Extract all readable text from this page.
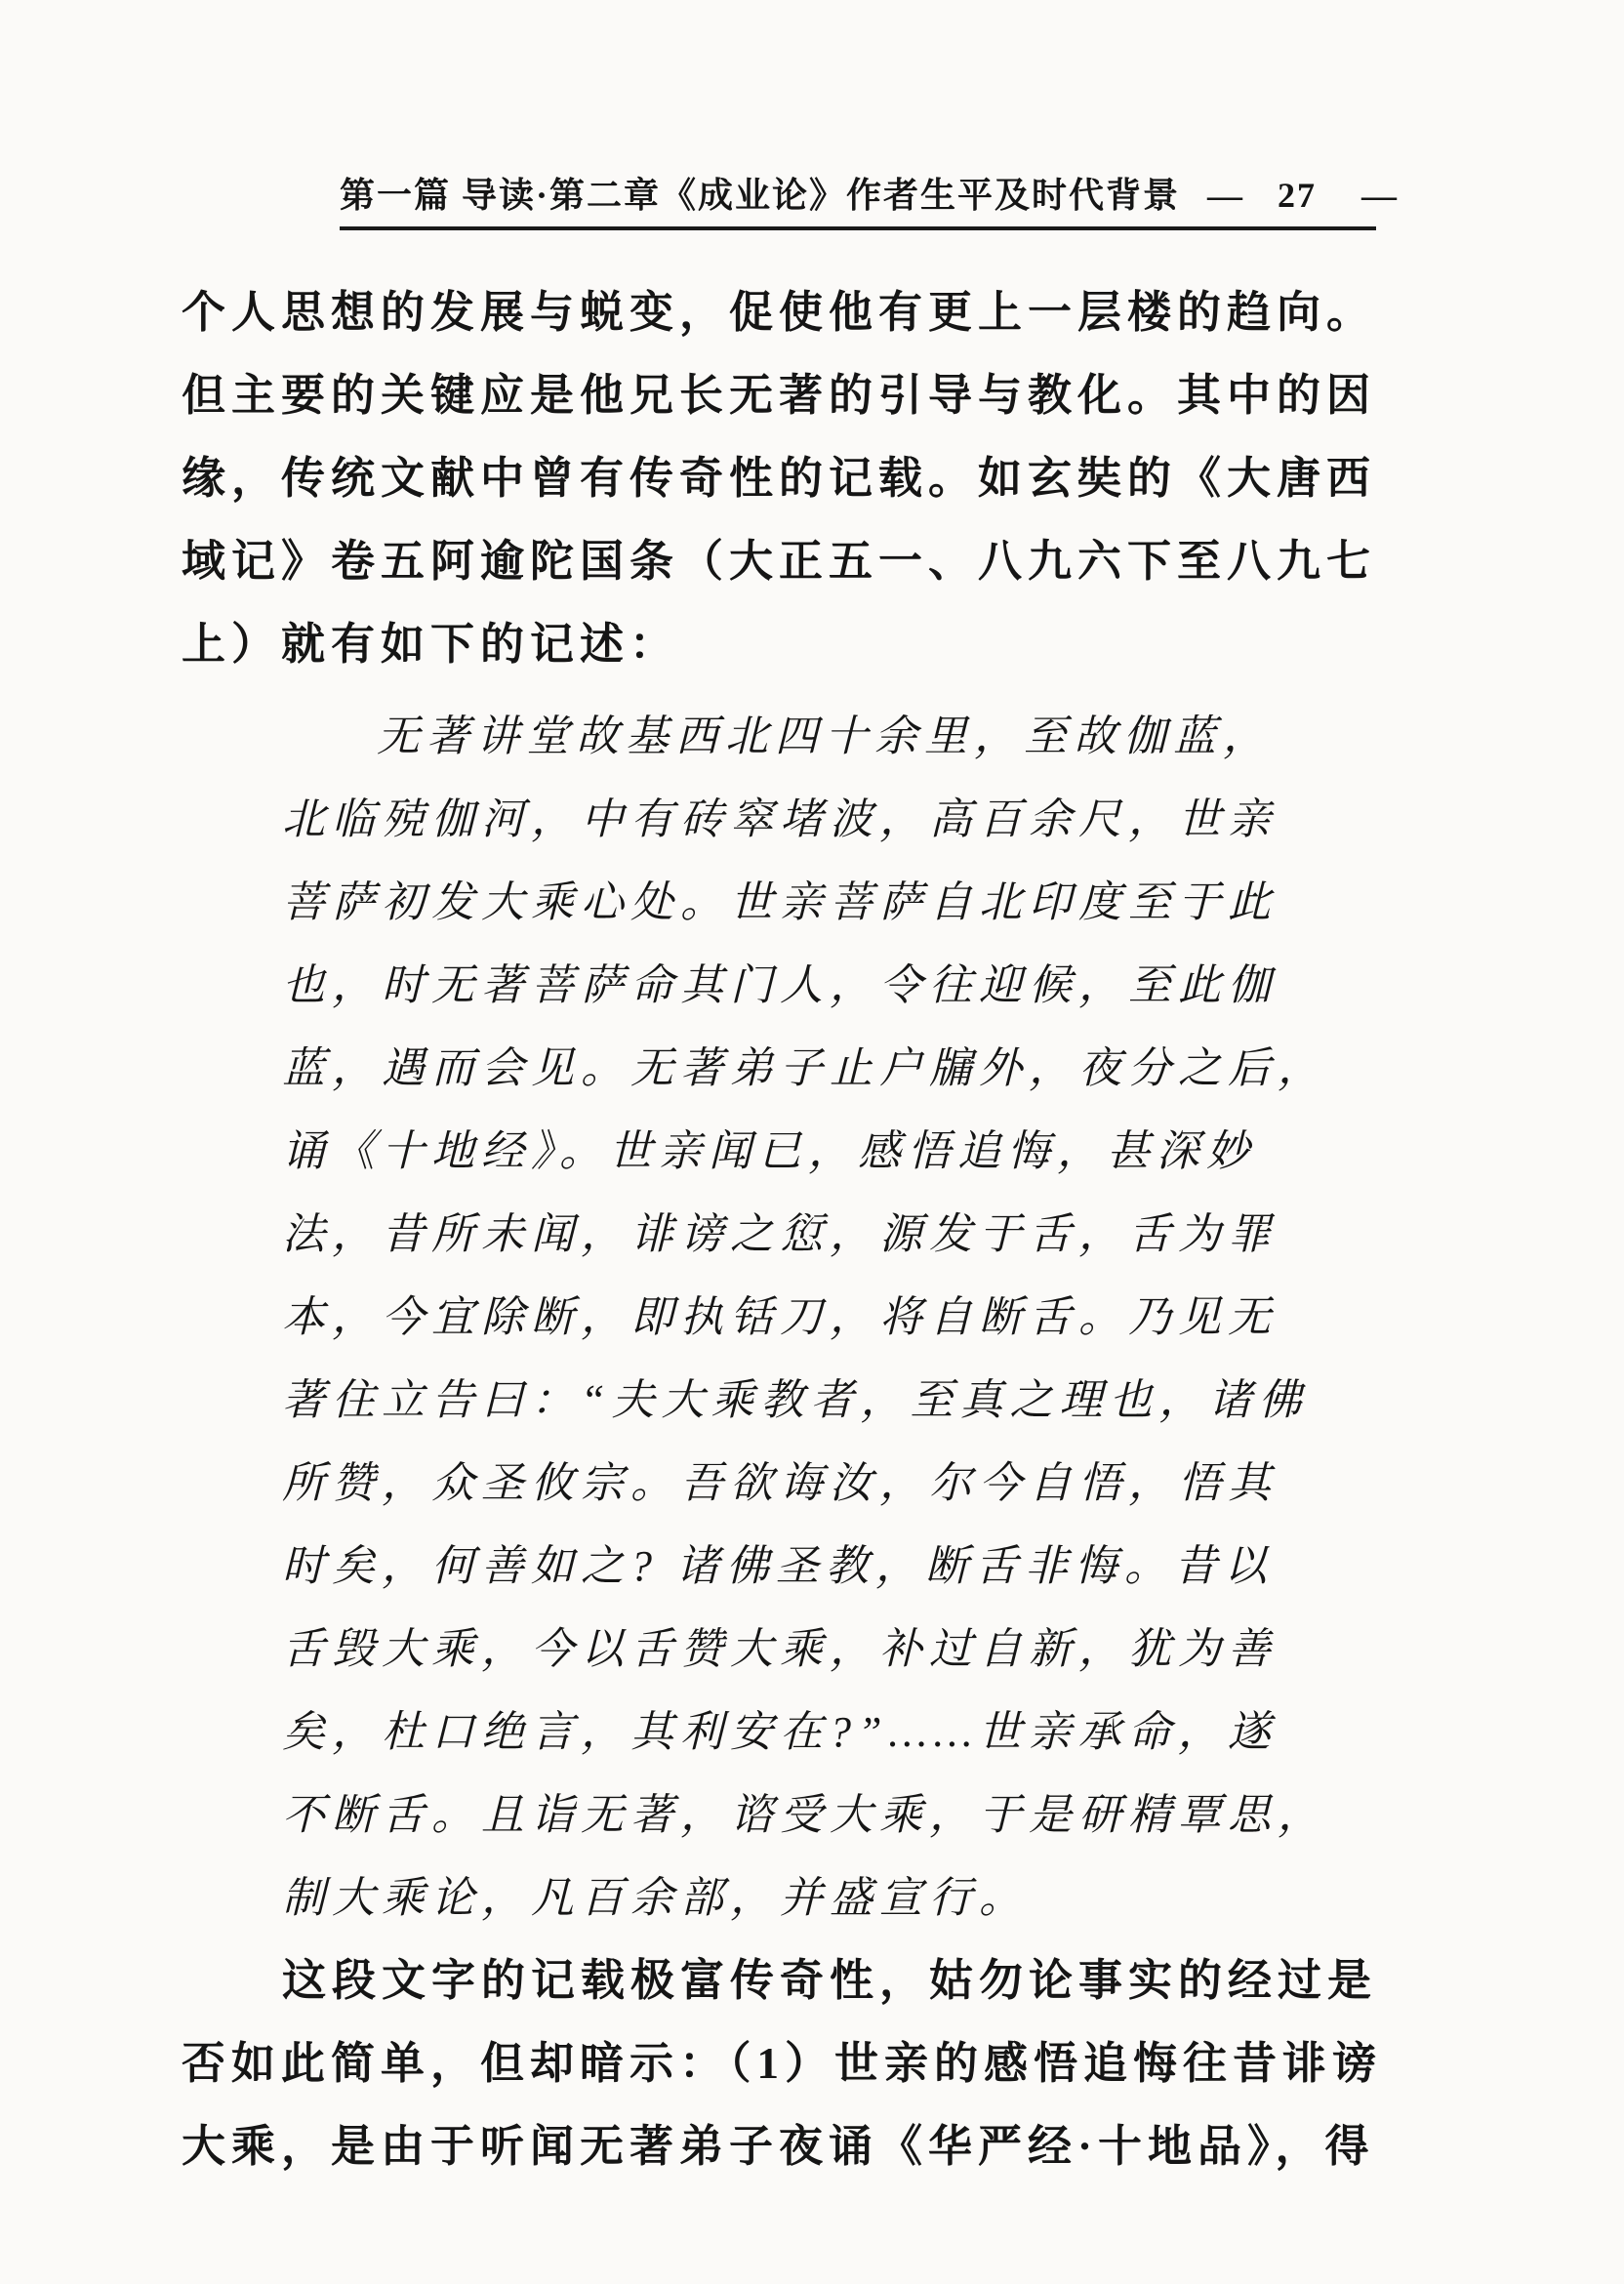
第一篇 导读·第二章《成业论》作者生平及时代背景 — 27 —
个人思想的发展与蜕变，促使他有更上一层楼的趋向。
但主要的关键应是他兄长无著的引导与教化。其中的因
缘，传统文献中曾有传奇性的记载。如玄奘的《大唐西
域记》卷五阿逾陀国条（大正五一、八九六下至八九七
上）就有如下的记述：
无著讲堂故基西北四十余里，至故伽蓝，
北临殑伽河，中有砖窣堵波，高百余尺，世亲
菩萨初发大乘心处。世亲菩萨自北印度至于此
也，时无著菩萨命其门人，令往迎候，至此伽
蓝，遇而会见。无著弟子止户牖外，夜分之后，
诵《十地经》。世亲闻已，感悟追悔，甚深妙
法，昔所未闻，诽谤之愆，源发于舌，舌为罪
本，今宜除断，即执铦刀，将自断舌。乃见无
著住立告曰：“夫大乘教者，至真之理也，诸佛
所赞，众圣攸宗。吾欲诲汝，尔今自悟，悟其
时矣，何善如之? 诸佛圣教，断舌非悔。昔以
舌毁大乘，今以舌赞大乘，补过自新，犹为善
矣，杜口绝言，其利安在?”……世亲承命，遂
不断舌。且诣无著，谘受大乘，于是研精覃思，
制大乘论，凡百余部，并盛宣行。
这段文字的记载极富传奇性，姑勿论事实的经过是
否如此简单，但却暗示：（1）世亲的感悟追悔往昔诽谤
大乘，是由于听闻无著弟子夜诵《华严经·十地品》，得
